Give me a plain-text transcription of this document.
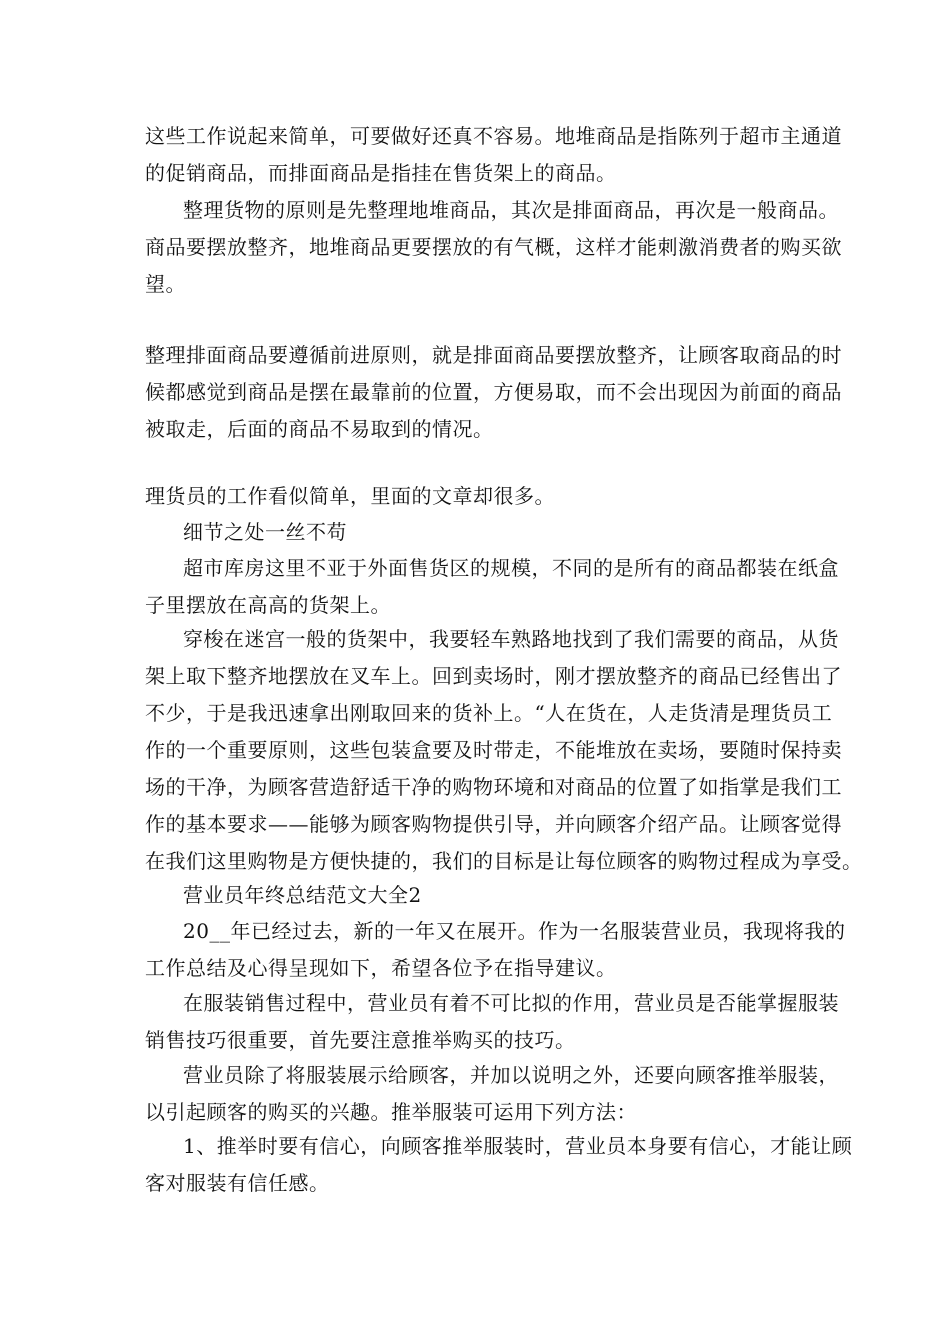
这些工作说起来简单，可要做好还真不容易。地堆商品是指陈列于超市主通道
的促销商品，而排面商品是指挂在售货架上的商品。
整理货物的原则是先整理地堆商品，其次是排面商品，再次是一般商品。
商品要摆放整齐，地堆商品更要摆放的有气概，这样才能刺激消费者的购买欲
望。
整理排面商品要遵循前进原则，就是排面商品要摆放整齐，让顾客取商品的时
候都感觉到商品是摆在最靠前的位置，方便易取，而不会出现因为前面的商品
被取走，后面的商品不易取到的情况。
理货员的工作看似简单，里面的文章却很多。
细节之处一丝不苟
超市库房这里不亚于外面售货区的规模，不同的是所有的商品都装在纸盒
子里摆放在高高的货架上。
穿梭在迷宫一般的货架中，我要轻车熟路地找到了我们需要的商品，从货
架上取下整齐地摆放在叉车上。回到卖场时，刚才摆放整齐的商品已经售出了
不少，于是我迅速拿出刚取回来的货补上。“人在货在，人走货清是理货员工
作的一个重要原则，这些包装盒要及时带走，不能堆放在卖场，要随时保持卖
场的干净，为顾客营造舒适干净的购物环境和对商品的位置了如指掌是我们工
作的基本要求——能够为顾客购物提供引导，并向顾客介绍产品。让顾客觉得
在我们这里购物是方便快捷的，我们的目标是让每位顾客的购物过程成为享受。
营业员年终总结范文大全2
20__年已经过去，新的一年又在展开。作为一名服装营业员，我现将我的
工作总结及心得呈现如下，希望各位予在指导建议。
在服装销售过程中，营业员有着不可比拟的作用，营业员是否能掌握服装
销售技巧很重要，首先要注意推举购买的技巧。
营业员除了将服装展示给顾客，并加以说明之外，还要向顾客推举服装，
以引起顾客的购买的兴趣。推举服装可运用下列方法：
1、推举时要有信心，向顾客推举服装时，营业员本身要有信心，才能让顾
客对服装有信任感。
